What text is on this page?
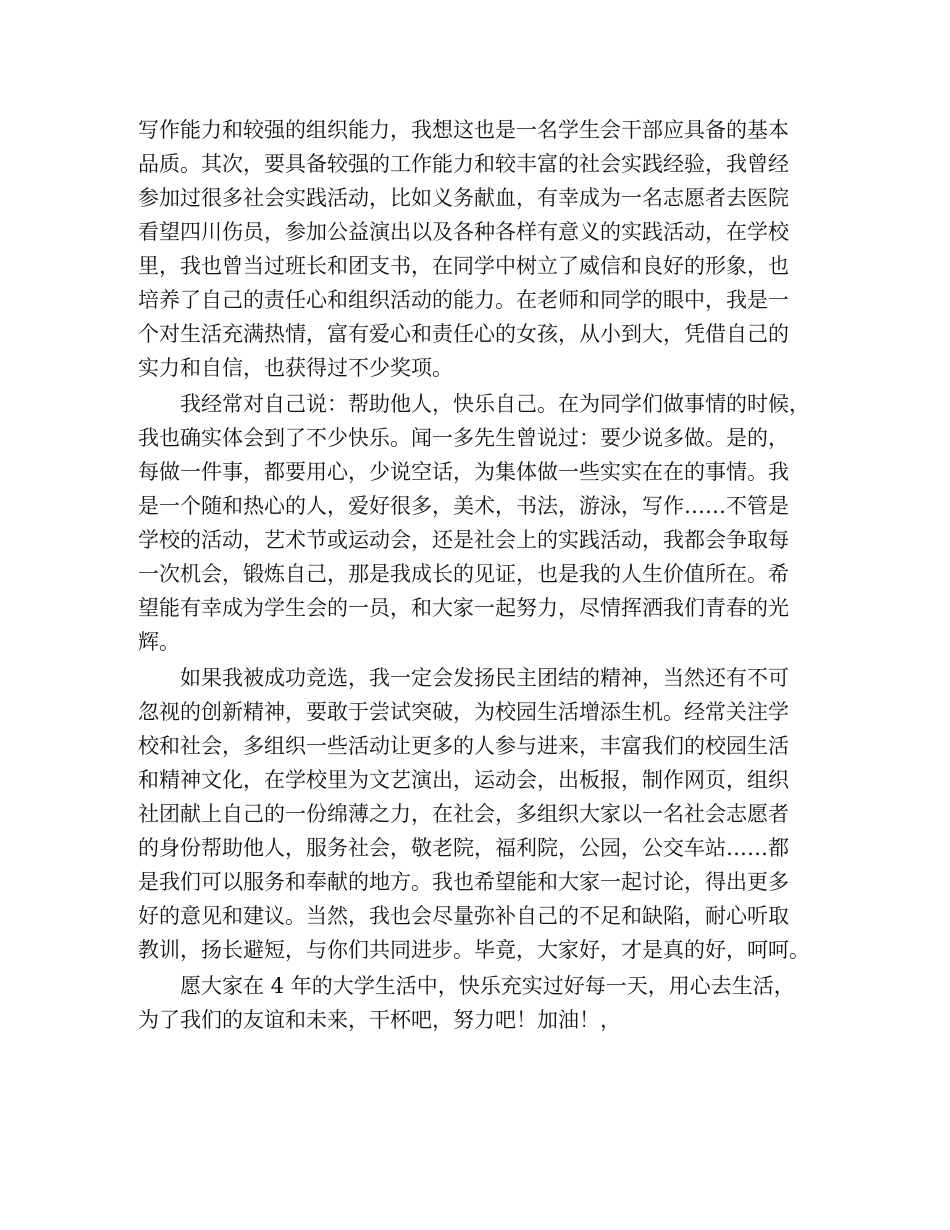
写作能力和较强的组织能力，我想这也是一名学生会干部应具备的基本
品质。其次，要具备较强的工作能力和较丰富的社会实践经验，我曾经
参加过很多社会实践活动，比如义务献血，有幸成为一名志愿者去医院
看望四川伤员，参加公益演出以及各种各样有意义的实践活动，在学校
里，我也曾当过班长和团支书，在同学中树立了威信和良好的形象，也
培养了自己的责任心和组织活动的能力。在老师和同学的眼中，我是一
个对生活充满热情，富有爱心和责任心的女孩，从小到大，凭借自己的
实力和自信，也获得过不少奖项。
　　我经常对自己说：帮助他人，快乐自己。在为同学们做事情的时候，
我也确实体会到了不少快乐。闻一多先生曾说过：要少说多做。是的，
每做一件事，都要用心，少说空话，为集体做一些实实在在的事情。我
是一个随和热心的人，爱好很多，美术，书法，游泳，写作……不管是
学校的活动，艺术节或运动会，还是社会上的实践活动，我都会争取每
一次机会，锻炼自己，那是我成长的见证，也是我的人生价值所在。希
望能有幸成为学生会的一员，和大家一起努力，尽情挥洒我们青春的光
辉。
　　如果我被成功竞选，我一定会发扬民主团结的精神，当然还有不可
忽视的创新精神，要敢于尝试突破，为校园生活增添生机。经常关注学
校和社会，多组织一些活动让更多的人参与进来，丰富我们的校园生活
和精神文化，在学校里为文艺演出，运动会，出板报，制作网页，组织
社团献上自己的一份绵薄之力，在社会，多组织大家以一名社会志愿者
的身份帮助他人，服务社会，敬老院，福利院，公园，公交车站……都
是我们可以服务和奉献的地方。我也希望能和大家一起讨论，得出更多
好的意见和建议。当然，我也会尽量弥补自己的不足和缺陷，耐心听取
教训，扬长避短，与你们共同进步。毕竟，大家好，才是真的好，呵呵。
　　愿大家在 4 年的大学生活中，快乐充实过好每一天，用心去生活，
为了我们的友谊和未来，干杯吧，努力吧！加油！，
